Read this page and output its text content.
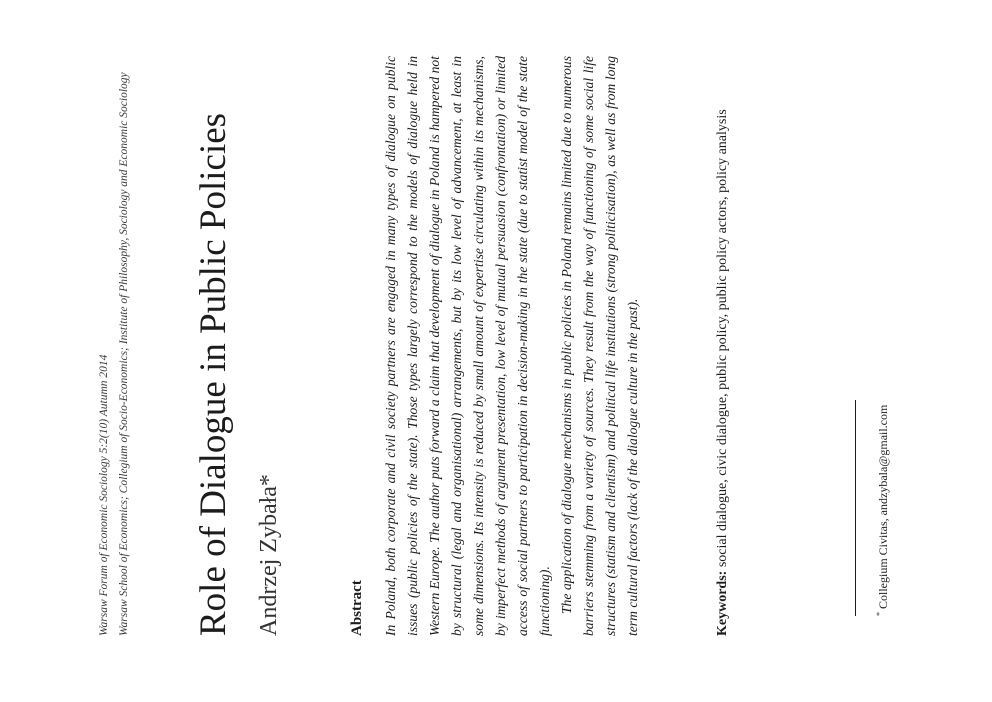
Warsaw Forum of Economic Sociology 5:2(10) Autumn 2014 Warsaw School of Economics; Collegium of Socio-Economics; Institute of Philosophy, Sociology and Economic Sociology Role of Dialogue in Public Policies Andrzej Zybała*	Abstract In Poland, both corporate and civil society partners are engaged in many types of dialogue on public issues (public policies of the state). Those types largely correspond to the models of dialogue held in Western Europe. The author puts forward a claim that development of dialogue in Poland is hampered not by structural (legal and organisational) arrangements, but by its low level of advancement, at least in some dimensions. Its intensity is reduced by small amount of expertise circulating within its mechanisms, by imperfect methods of argument presentation, low level of mutual persuasion (confrontation) or limited access of social partners to participation in decision-making in the state (due to statist model of the state functioning). The application of dialogue mechanisms in public policies in Poland remains limited due to numerous barriers stemming from a variety of sources. They result from the way of functioning of some social life structures (statism and clientism) and political life institutions (strong politicisation), as well as from long term cultural factors (lack of the dialogue culture in the past).	Keywords: social dialogue, civic dialogue, public policy, public policy actors, policy analysis
*Collegium Civitas, andzybala@gmail.com
